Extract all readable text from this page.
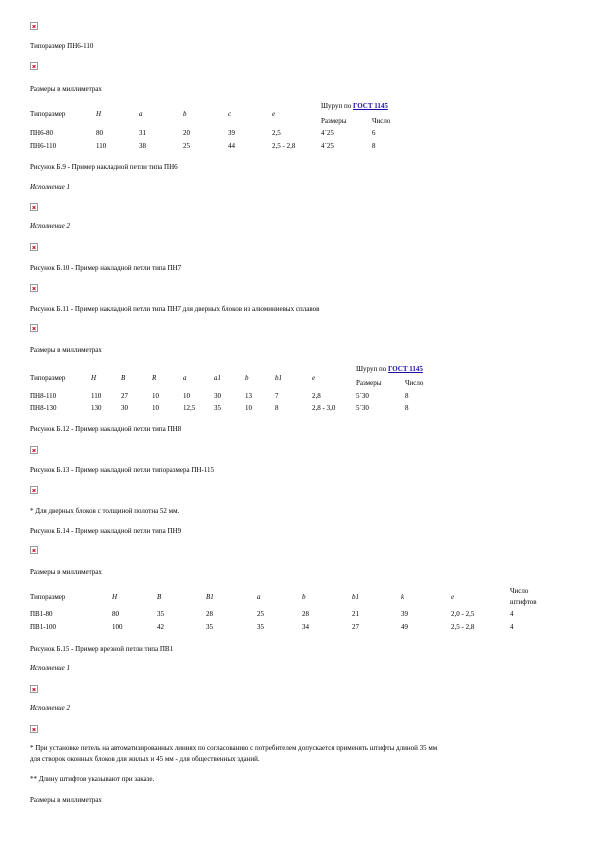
Типоразмер ПН6-110
Размеры в миллиметрах
Типоразмер	H	a	b	c	e
Шуруп по ГОСТ 1145
Размеры	Число
ПН6-80	80	31	20	39	2,5	4´25	6
ПН6-110	110	38	25	44	2,5 - 2,8	4´25	8
Рисунок Б.9 - Пример накладной петли типа ПН6
Исполнение 1
Исполнение 2
Рисунок Б.10 - Пример накладной петли типа ПН7
Рисунок Б.11 - Пример накладной петли типа ПН7 для дверных блоков из алюминиевых сплавов
Размеры в миллиметрах
Шуруп по ГОСТ 1145
Типоразмер	H	B	R	a	a1	b	b1	e
Размеры	Число
ПН8-110	110	27	10	10	30	13	7	2,8	5´30	8
ПН8-130	130	30	10	12,5	35	10	8	2,8 - 3,0	5´30	8
Рисунок Б.12 - Пример накладной петли типа ПН8
Рисунок Б.13 - Пример накладной петли типоразмера ПН-115
* Для дверных блоков с толщиной полотна 52 мм.
Рисунок Б.14 - Пример накладной петли типа ПН9
Размеры в миллиметрах
Число
штифтов
Типоразмер	H	B	B1	a	b	b1	k	e
ПВ1-80	80	35	28	25	28	21	39	2,0 - 2,5	4
ПВ1-100	100	42	35	35	34	27	49	2,5 - 2,8	4
Рисунок Б.15 - Пример врезной петли типа ПВ1
Исполнение 1
Исполнение 2
* При установке петель на автоматизированных линиях по согласованию с потребителем допускается применять штифты длиной 35 мм
для створок оконных блоков для жилых и 45 мм - для общественных зданий.
** Длину штифтов указывают при заказе.
Размеры в миллиметрах
